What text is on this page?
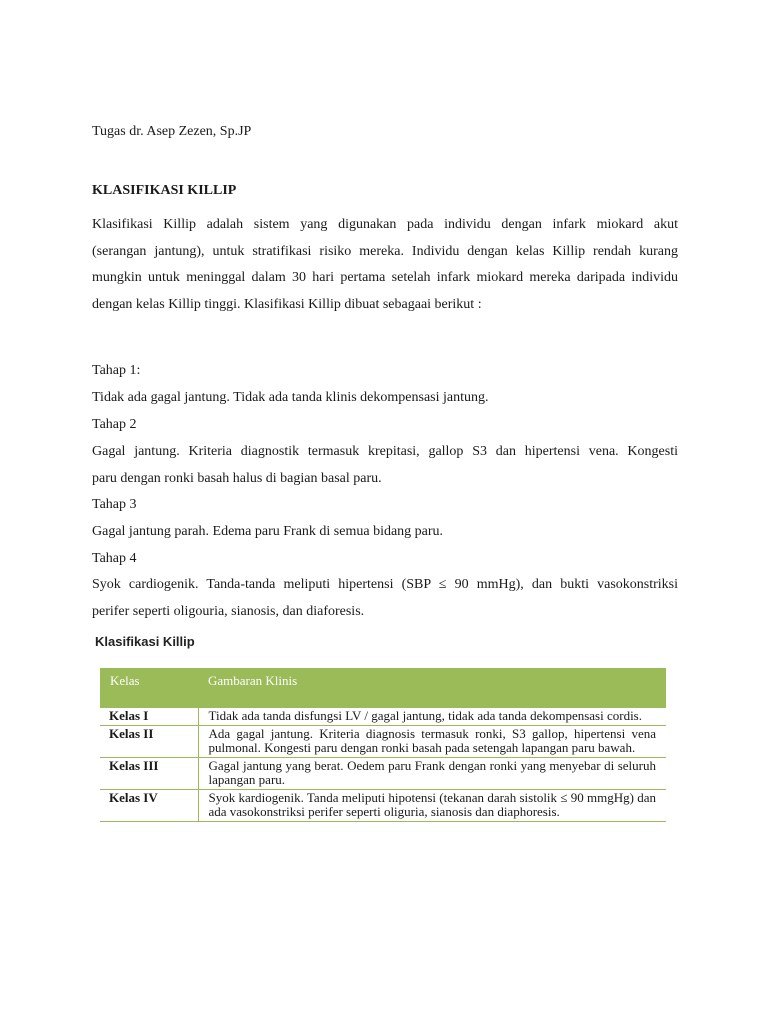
Tugas dr. Asep Zezen, Sp.JP
KLASIFIKASI KILLIP
Klasifikasi Killip adalah sistem yang digunakan pada individu dengan infark miokard akut
(serangan jantung), untuk stratifikasi risiko mereka. Individu dengan kelas Killip rendah kurang
mungkin untuk meninggal dalam 30 hari pertama setelah infark miokard mereka daripada individu
dengan kelas Killip tinggi. Klasifikasi Killip dibuat sebagaai berikut :
Tahap 1:
Tidak ada gagal jantung. Tidak ada tanda klinis dekompensasi jantung.
Tahap 2
Gagal jantung. Kriteria diagnostik termasuk krepitasi, gallop S3 dan hipertensi vena. Kongesti
paru dengan ronki basah halus di bagian basal paru.
Tahap 3
Gagal jantung parah. Edema paru Frank di semua bidang paru.
Tahap 4
Syok cardiogenik. Tanda-tanda meliputi hipertensi (SBP ≤ 90 mmHg), dan bukti vasokonstriksi
perifer seperti oligouria, sianosis, dan diaforesis.
Klasifikasi Killip
Kelas	Gambaran Klinis
Kelas I	Tidak ada tanda disfungsi LV / gagal jantung, tidak ada tanda dekompensasi cordis.
Kelas II	Ada gagal jantung. Kriteria diagnosis termasuk ronki, S3 gallop, hipertensi vena pulmonal. Kongesti paru dengan ronki basah pada setengah lapangan paru bawah.
Kelas III	Gagal jantung yang berat. Oedem paru Frank dengan ronki yang menyebar di seluruh lapangan paru.
Kelas IV	Syok kardiogenik. Tanda meliputi hipotensi (tekanan darah sistolik ≤ 90 mmgHg) dan ada vasokonstriksi perifer seperti oliguria, sianosis dan diaphoresis.
